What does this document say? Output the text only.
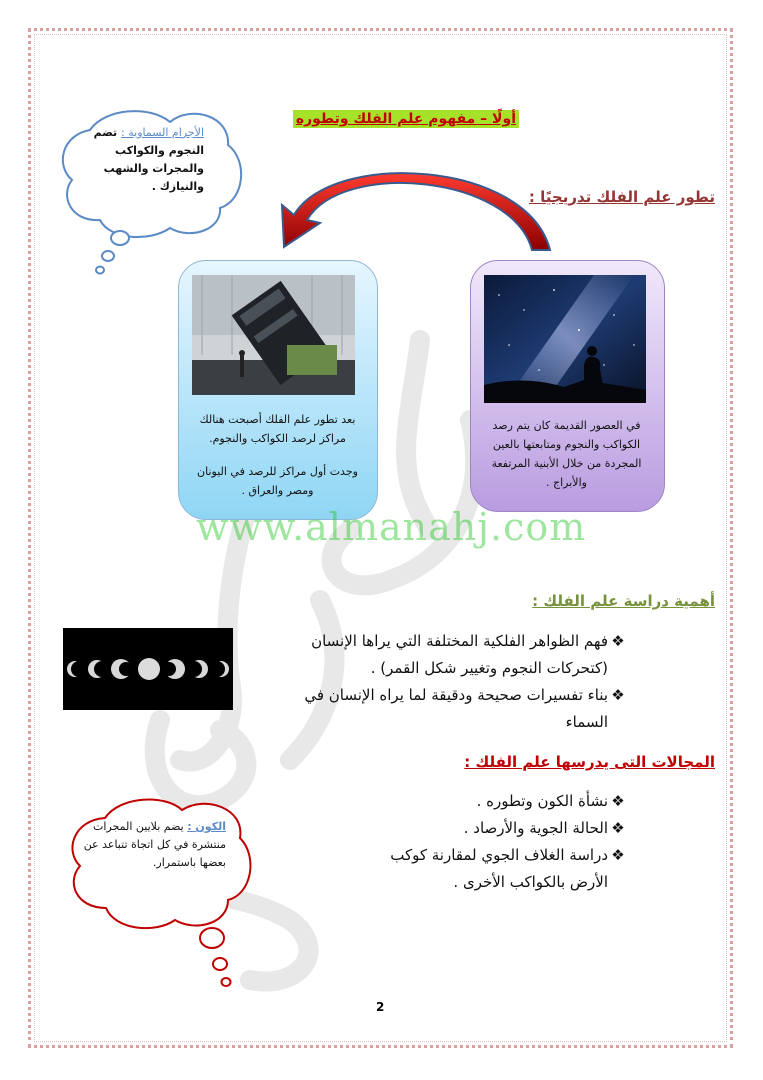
أولًا – مفهوم علم الفلك وتطوره
الأجرام السماوية : تضم النجوم والكواكب والمجرات والشهب والنيازك .
تطور علم الفلك تدريجيًا :
بعد تطور علم الفلك أصبحت هنالك مراكز لرصد الكواكب والنجوم.
وجدت أول مراكز للرصد في اليونان ومصر والعراق .
في العصور القديمة كان يتم رصد الكواكب والنجوم ومتابعتها بالعين المجردة من خلال الأبنية المرتفعة والأبراج .
www.almanahj.com
أهمية دراسة علم الفلك :
❖
فهم الظواهر الفلكية المختلفة التي يراها الإنسان (كتحركات النجوم وتغيير شكل القمر) .
❖
بناء تفسيرات صحيحة ودقيقة لما يراه الإنسان في السماء
المجالات التى يدرسها علم الفلك :
❖
نشأة الكون وتطوره .
❖
الحالة الجوية والأرصاد .
❖
دراسة الغلاف الجوي لمقارنة كوكب الأرض بالكواكب الأخرى .
الكون : يضم بلايين المجرات منتشرة في كل اتجاة تتباعد عن بعضها باستمرار.
2
